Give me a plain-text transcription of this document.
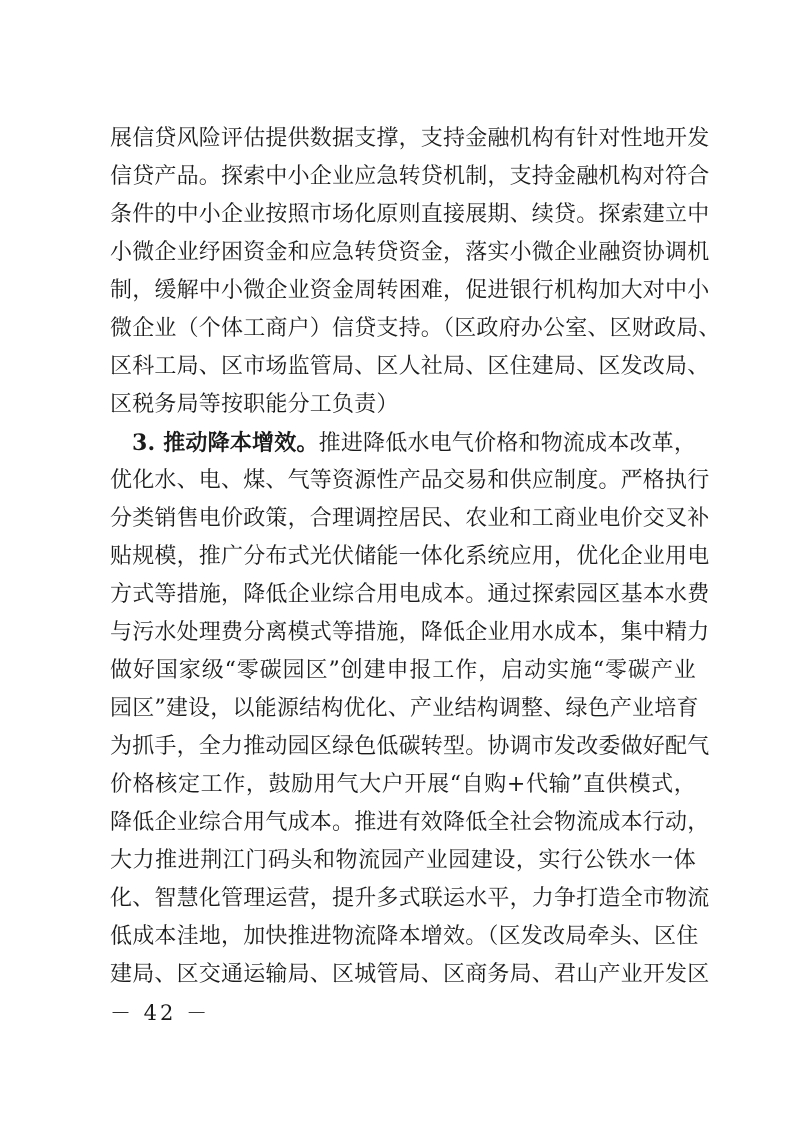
展信贷风险评估提供数据支撑，支持金融机构有针对性地开发

信贷产品。探索中小企业应急转贷机制，支持金融机构对符合

条件的中小企业按照市场化原则直接展期、续贷。探索建立中

小微企业纾困资金和应急转贷资金，落实小微企业融资协调机

制，缓解中小微企业资金周转困难，促进银行机构加大对中小

微企业（个体工商户）信贷支持。（区政府办公室、区财政局、

区科工局、区市场监管局、区人社局、区住建局、区发改局、

区税务局等按职能分工负责）

3. 推动降本增效。推进降低水电气价格和物流成本改革，

优化水、电、煤、气等资源性产品交易和供应制度。严格执行

分类销售电价政策，合理调控居民、农业和工商业电价交叉补

贴规模，推广分布式光伏储能一体化系统应用，优化企业用电

方式等措施，降低企业综合用电成本。通过探索园区基本水费

与污水处理费分离模式等措施，降低企业用水成本，集中精力

做好国家级“零碳园区”创建申报工作，启动实施“零碳产业

园区”建设，以能源结构优化、产业结构调整、绿色产业培育

为抓手，全力推动园区绿色低碳转型。协调市发改委做好配气

价格核定工作，鼓励用气大户开展“自购+代输”直供模式，

降低企业综合用气成本。推进有效降低全社会物流成本行动，

大力推进荆江门码头和物流园产业园建设，实行公铁水一体

化、智慧化管理运营，提升多式联运水平，力争打造全市物流

低成本洼地，加快推进物流降本增效。（区发改局牵头、区住

建局、区交通运输局、区城管局、区商务局、君山产业开发区

－ 42 －
